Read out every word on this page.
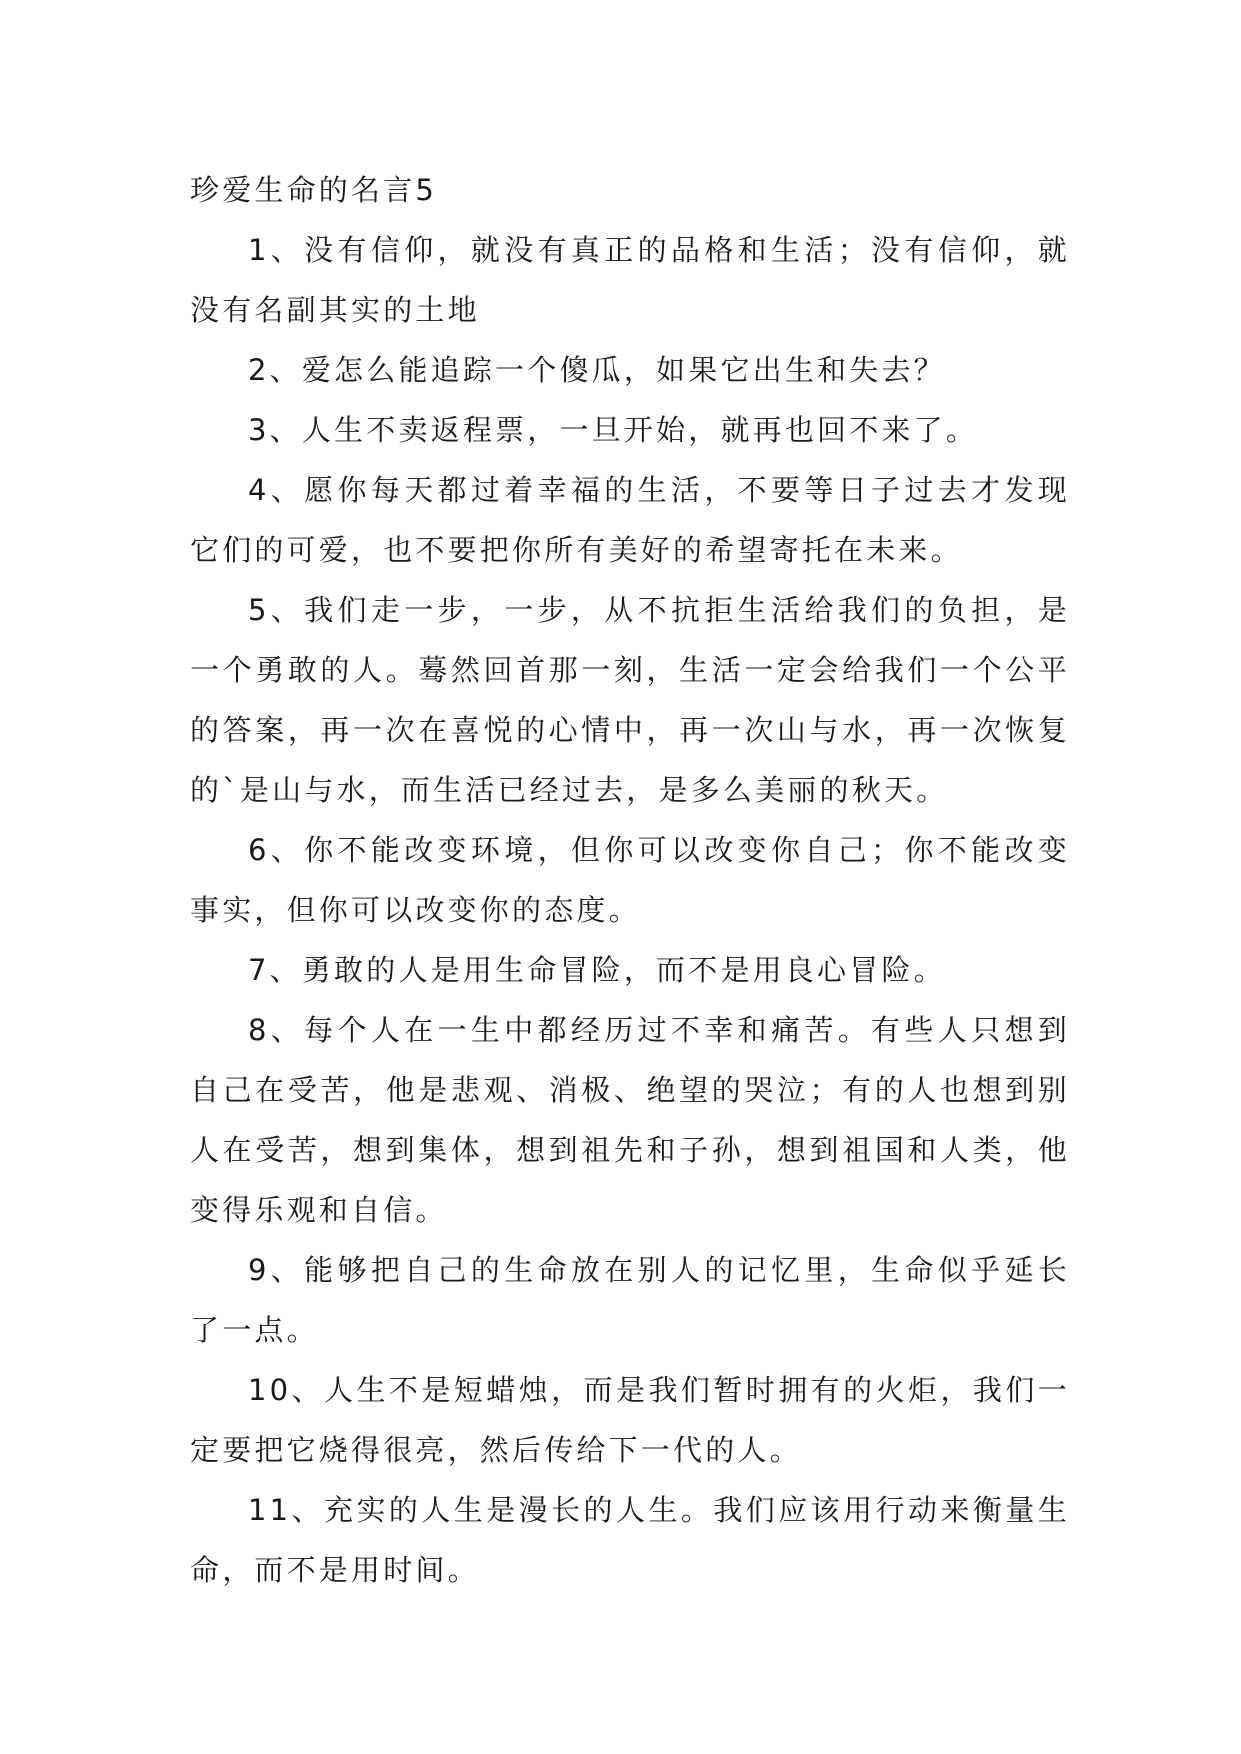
珍爱生命的名言5

1、没有信仰，就没有真正的品格和生活；没有信仰，就没有名副其实的土地

2、爱怎么能追踪一个傻瓜，如果它出生和失去？

3、人生不卖返程票，一旦开始，就再也回不来了。

4、愿你每天都过着幸福的生活，不要等日子过去才发现它们的可爱，也不要把你所有美好的希望寄托在未来。

5、我们走一步，一步，从不抗拒生活给我们的负担，是一个勇敢的人。蓦然回首那一刻，生活一定会给我们一个公平的答案，再一次在喜悦的心情中，再一次山与水，再一次恢复的`是山与水，而生活已经过去，是多么美丽的秋天。

6、你不能改变环境，但你可以改变你自己；你不能改变事实，但你可以改变你的态度。

7、勇敢的人是用生命冒险，而不是用良心冒险。

8、每个人在一生中都经历过不幸和痛苦。有些人只想到自己在受苦，他是悲观、消极、绝望的哭泣；有的人也想到别人在受苦，想到集体，想到祖先和子孙，想到祖国和人类，他变得乐观和自信。

9、能够把自己的生命放在别人的记忆里，生命似乎延长了一点。

10、人生不是短蜡烛，而是我们暂时拥有的火炬，我们一定要把它烧得很亮，然后传给下一代的人。

11、充实的人生是漫长的人生。我们应该用行动来衡量生命，而不是用时间。
